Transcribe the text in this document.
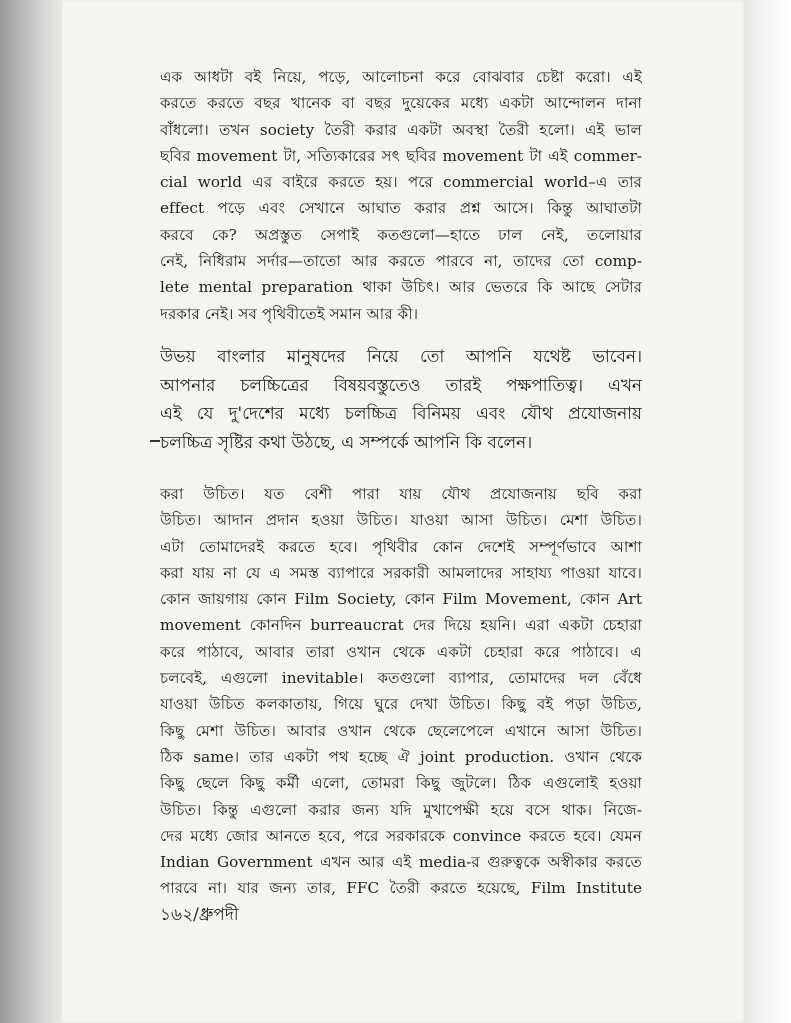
এক আধটা বই নিয়ে, পড়ে, আলোচনা করে বোঝবার চেষ্টা করো। এই
করতে করতে বছর খানেক বা বছর দুয়েকের মধ্যে একটা আন্দোলন দানা
বাঁধলো। তখন society তৈরী করার একটা অবস্থা তৈরী হলো। এই ভাল
ছবির movement টা, সত্যিকারের সৎ ছবির movement টা এই commer-
cial world এর বাইরে করতে হয়। পরে commercial world–এ তার
effect পড়ে এবং সেখানে আঘাত করার প্রশ্ন আসে। কিন্তু আঘাতটা
করবে কে? অপ্রস্তুত সেপাই কতগুলো—হাতে ঢাল নেই, তলোয়ার
নেই, নিধিরাম সর্দার—তাতো আর করতে পারবে না, তাদের তো comp-
lete mental preparation থাকা উচিৎ। আর ভেতরে কি আছে সেটার
দরকার নেই। সব পৃথিবীতেই সমান আর কী।
উভয় বাংলার মানুষদের নিয়ে তো আপনি যথেষ্ট ভাবেন।
আপনার চলচ্চিত্রের বিষয়বস্তুতেও তারই পক্ষপাতিত্ব। এখন
এই যে দু'দেশের মধ্যে চলচ্চিত্র বিনিময় এবং যৌথ প্রযোজনায়
চলচ্চিত্র সৃষ্টির কথা উঠছে, এ সম্পর্কে আপনি কি বলেন।
করা উচিত। যত বেশী পারা যায় যৌথ প্রযোজনায় ছবি করা
উচিত। আদান প্রদান হওয়া উচিত। যাওয়া আসা উচিত। মেশা উচিত।
এটা তোমাদেরই করতে হবে। পৃথিবীর কোন দেশেই সম্পূর্ণভাবে আশা
করা যায় না যে এ সমস্ত ব্যাপারে সরকারী আমলাদের সাহায্য পাওয়া যাবে।
কোন জায়গায় কোন Film Society, কোন Film Movement, কোন Art
movement কোনদিন burreaucrat দের দিয়ে হয়নি। এরা একটা চেহারা
করে পাঠাবে, আবার তারা ওখান থেকে একটা চেহারা করে পাঠাবে। এ
চলবেই, এগুলো inevitable। কতগুলো ব্যাপার, তোমাদের দল বেঁধে
যাওয়া উচিত কলকাতায়, গিয়ে ঘুরে দেখা উচিত। কিছু বই পড়া উচিত,
কিছু মেশা উচিত। আবার ওখান থেকে ছেলেপেলে এখানে আসা উচিত।
ঠিক same। তার একটা পথ হচ্ছে ঐ joint production. ওখান থেকে
কিছু ছেলে কিছু কর্মী এলো, তোমরা কিছু জুটলে। ঠিক এগুলোই হওয়া
উচিত। কিন্তু এগুলো করার জন্য যদি মুখাপেক্ষী হয়ে বসে থাক। নিজে-
দের মধ্যে জোর আনতে হবে, পরে সরকারকে convince করতে হবে। যেমন
Indian Government এখন আর এই media-র গুরুত্বকে অস্বীকার করতে
পারবে না। যার জন্য তার, FFC তৈরী করতে হয়েছে, Film Institute
১৬২/ধ্রুপদী
